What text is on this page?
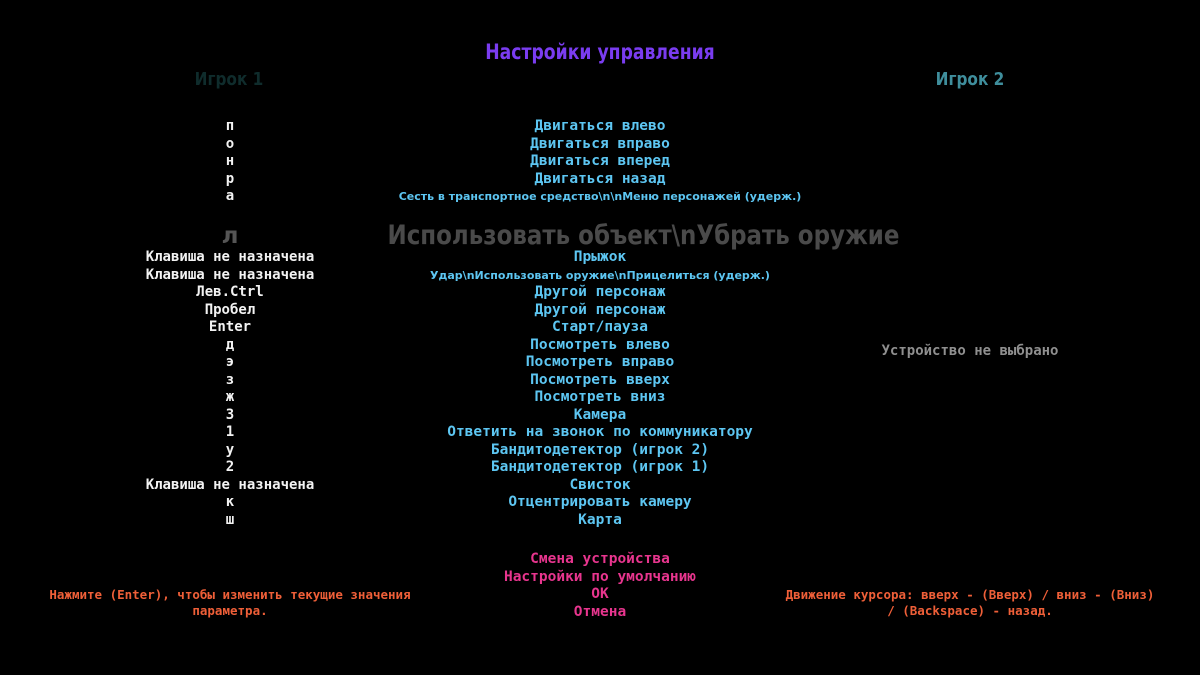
Настройки управления
Игрок 1	Игрок 2
п	Двигаться влево
о	Двигаться вправо
н	Двигаться вперед
р	Двигаться назад
а	Сесть в транспортное средство\n\nМеню персонажей (удерж.)
л	Использовать объект\nУбрать оружие
Клавиша не назначена	Прыжок
Клавиша не назначена	Удар\nИспользовать оружие\nПрицелиться (удерж.)
Лев.Ctrl	Другой персонаж
Пробел	Другой персонаж
Enter	Старт/пауза
д	Посмотреть влево
э	Посмотреть вправо
з	Посмотреть вверх
ж	Посмотреть вниз
3	Камера
1	Ответить на звонок по коммуникатору
у	Бандитодетектор (игрок 2)
2	Бандитодетектор (игрок 1)
Клавиша не назначена	Свисток
к	Отцентрировать камеру
ш	Карта
Устройство не выбрано
Смена устройства
Настройки по умолчанию
ОК
Отмена
Нажмите (Enter), чтобы изменить текущие значения параметра.
Движение курсора: вверх - (Вверх) / вниз - (Вниз) / (Backspace) - назад.
